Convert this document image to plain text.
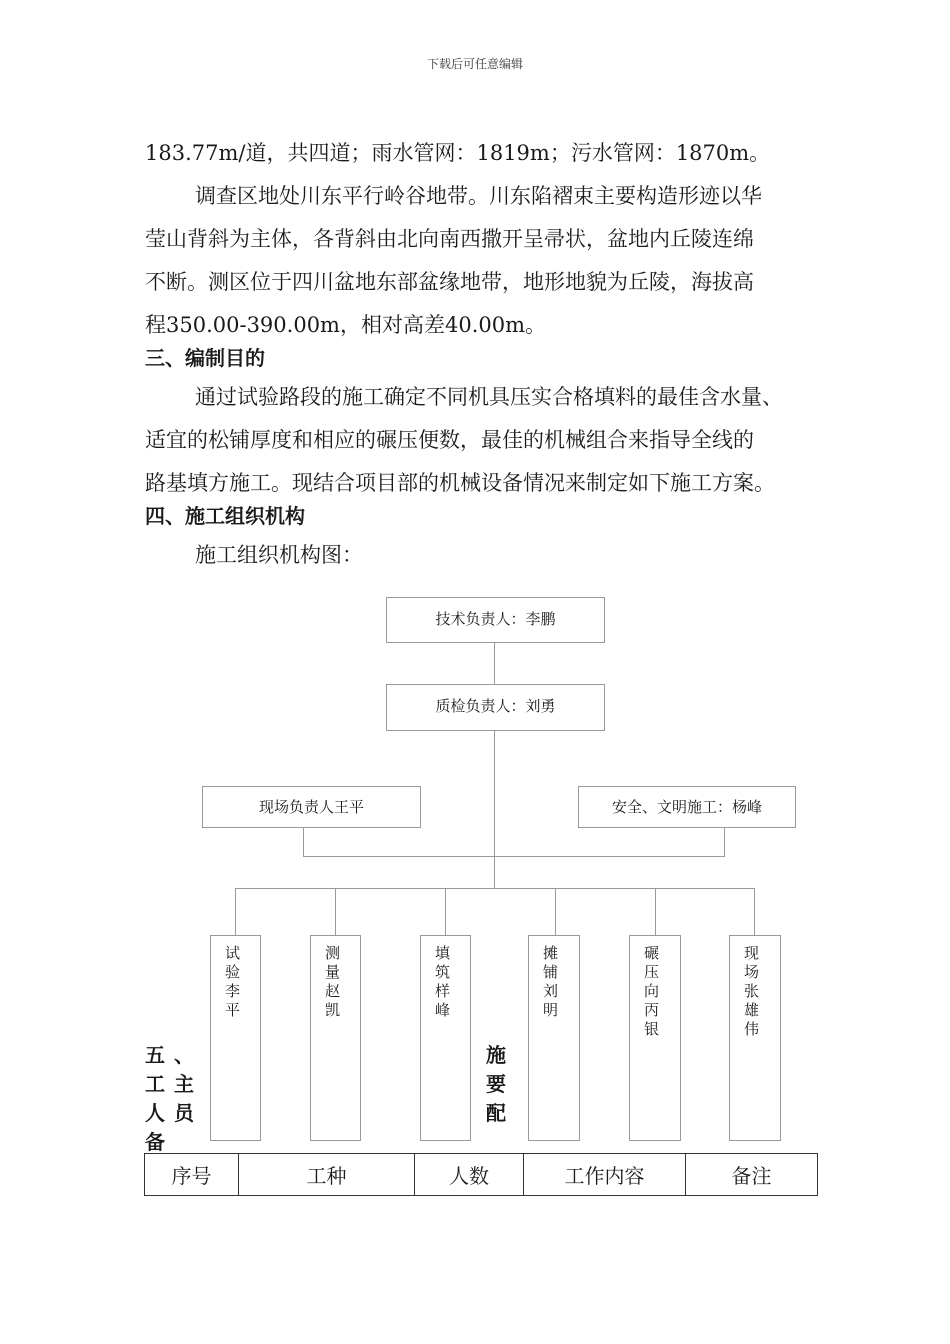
下载后可任意编辑
183.77m/道，共四道；雨水管网：1819m；污水管网：1870m。
调查区地处川东平行岭谷地带。川东陷褶束主要构造形迹以华
莹山背斜为主体，各背斜由北向南西撒开呈帚状，盆地内丘陵连绵
不断。测区位于四川盆地东部盆缘地带，地形地貌为丘陵，海拔高
程350.00-390.00m，相对高差40.00m。
三、编制目的
通过试验路段的施工确定不同机具压实合格填料的最佳含水量、
适宜的松铺厚度和相应的碾压便数，最佳的机械组合来指导全线的
路基填方施工。现结合项目部的机械设备情况来制定如下施工方案。
四、施工组织机构
施工组织机构图：
技术负责人：李鹏
质检负责人：刘勇
现场负责人王平	安全、文明施工：杨峰
试验李平
测量赵凯
填筑样峰
摊铺刘明
碾压向丙银
现场张雄伟
五工人备
、主员
施要配
序号	工种	人数	工作内容	备注
